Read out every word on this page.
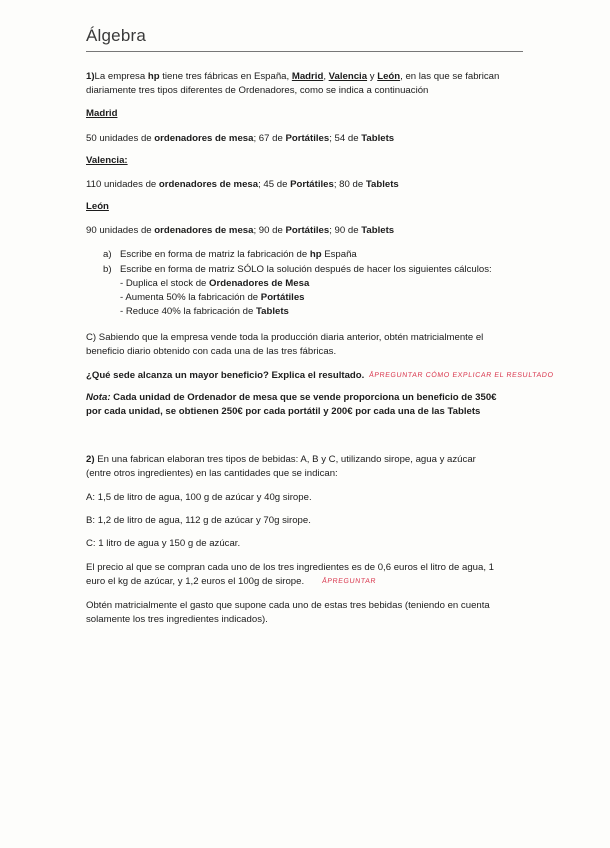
Álgebra
1)La empresa hp tiene tres fábricas en España, Madrid, Valencia y León, en las que se fabrican
diariamente tres tipos diferentes de Ordenadores, como se indica a continuación
Madrid
50 unidades de ordenadores de mesa; 67 de Portátiles; 54 de Tablets
Valencia:
110 unidades de ordenadores de mesa; 45 de Portátiles; 80 de Tablets
León
90 unidades de ordenadores de mesa; 90 de Portátiles; 90 de Tablets
a) Escribe en forma de matriz la fabricación de hp España
b) Escribe en forma de matriz SÓLO la solución después de hacer los siguientes cálculos:
- Duplica el stock de Ordenadores de Mesa
- Aumenta 50% la fabricación de Portátiles
- Reduce 40% la fabricación de Tablets
C) Sabiendo que la empresa vende toda la producción diaria anterior, obtén matricialmente el
beneficio diario obtenido con cada una de las tres fábricas.
¿Qué sede alcanza un mayor beneficio? Explica el resultado. ÅPREGUNTAR CÓMO EXPLICAR EL RESULTADO
Nota: Cada unidad de Ordenador de mesa que se vende proporciona un beneficio de 350€
por cada unidad, se obtienen 250€ por cada portátil y 200€ por cada una de las Tablets
2) En una fabrican elaboran tres tipos de bebidas: A, B y C, utilizando sirope, agua y azúcar
(entre otros ingredientes) en las cantidades que se indican:
A: 1,5 de litro de agua, 100 g de azúcar y 40g sirope.
B: 1,2 de litro de agua, 112 g de azúcar y 70g sirope.
C: 1 litro de agua y 150 g de azúcar.
El precio al que se compran cada uno de los tres ingredientes es de 0,6 euros el litro de agua, 1
euro el kg de azúcar, y 1,2 euros el 100g de sirope. ÅPREGUNTAR
Obtén matricialmente el gasto que supone cada uno de estas tres bebidas (teniendo en cuenta
solamente los tres ingredientes indicados).
